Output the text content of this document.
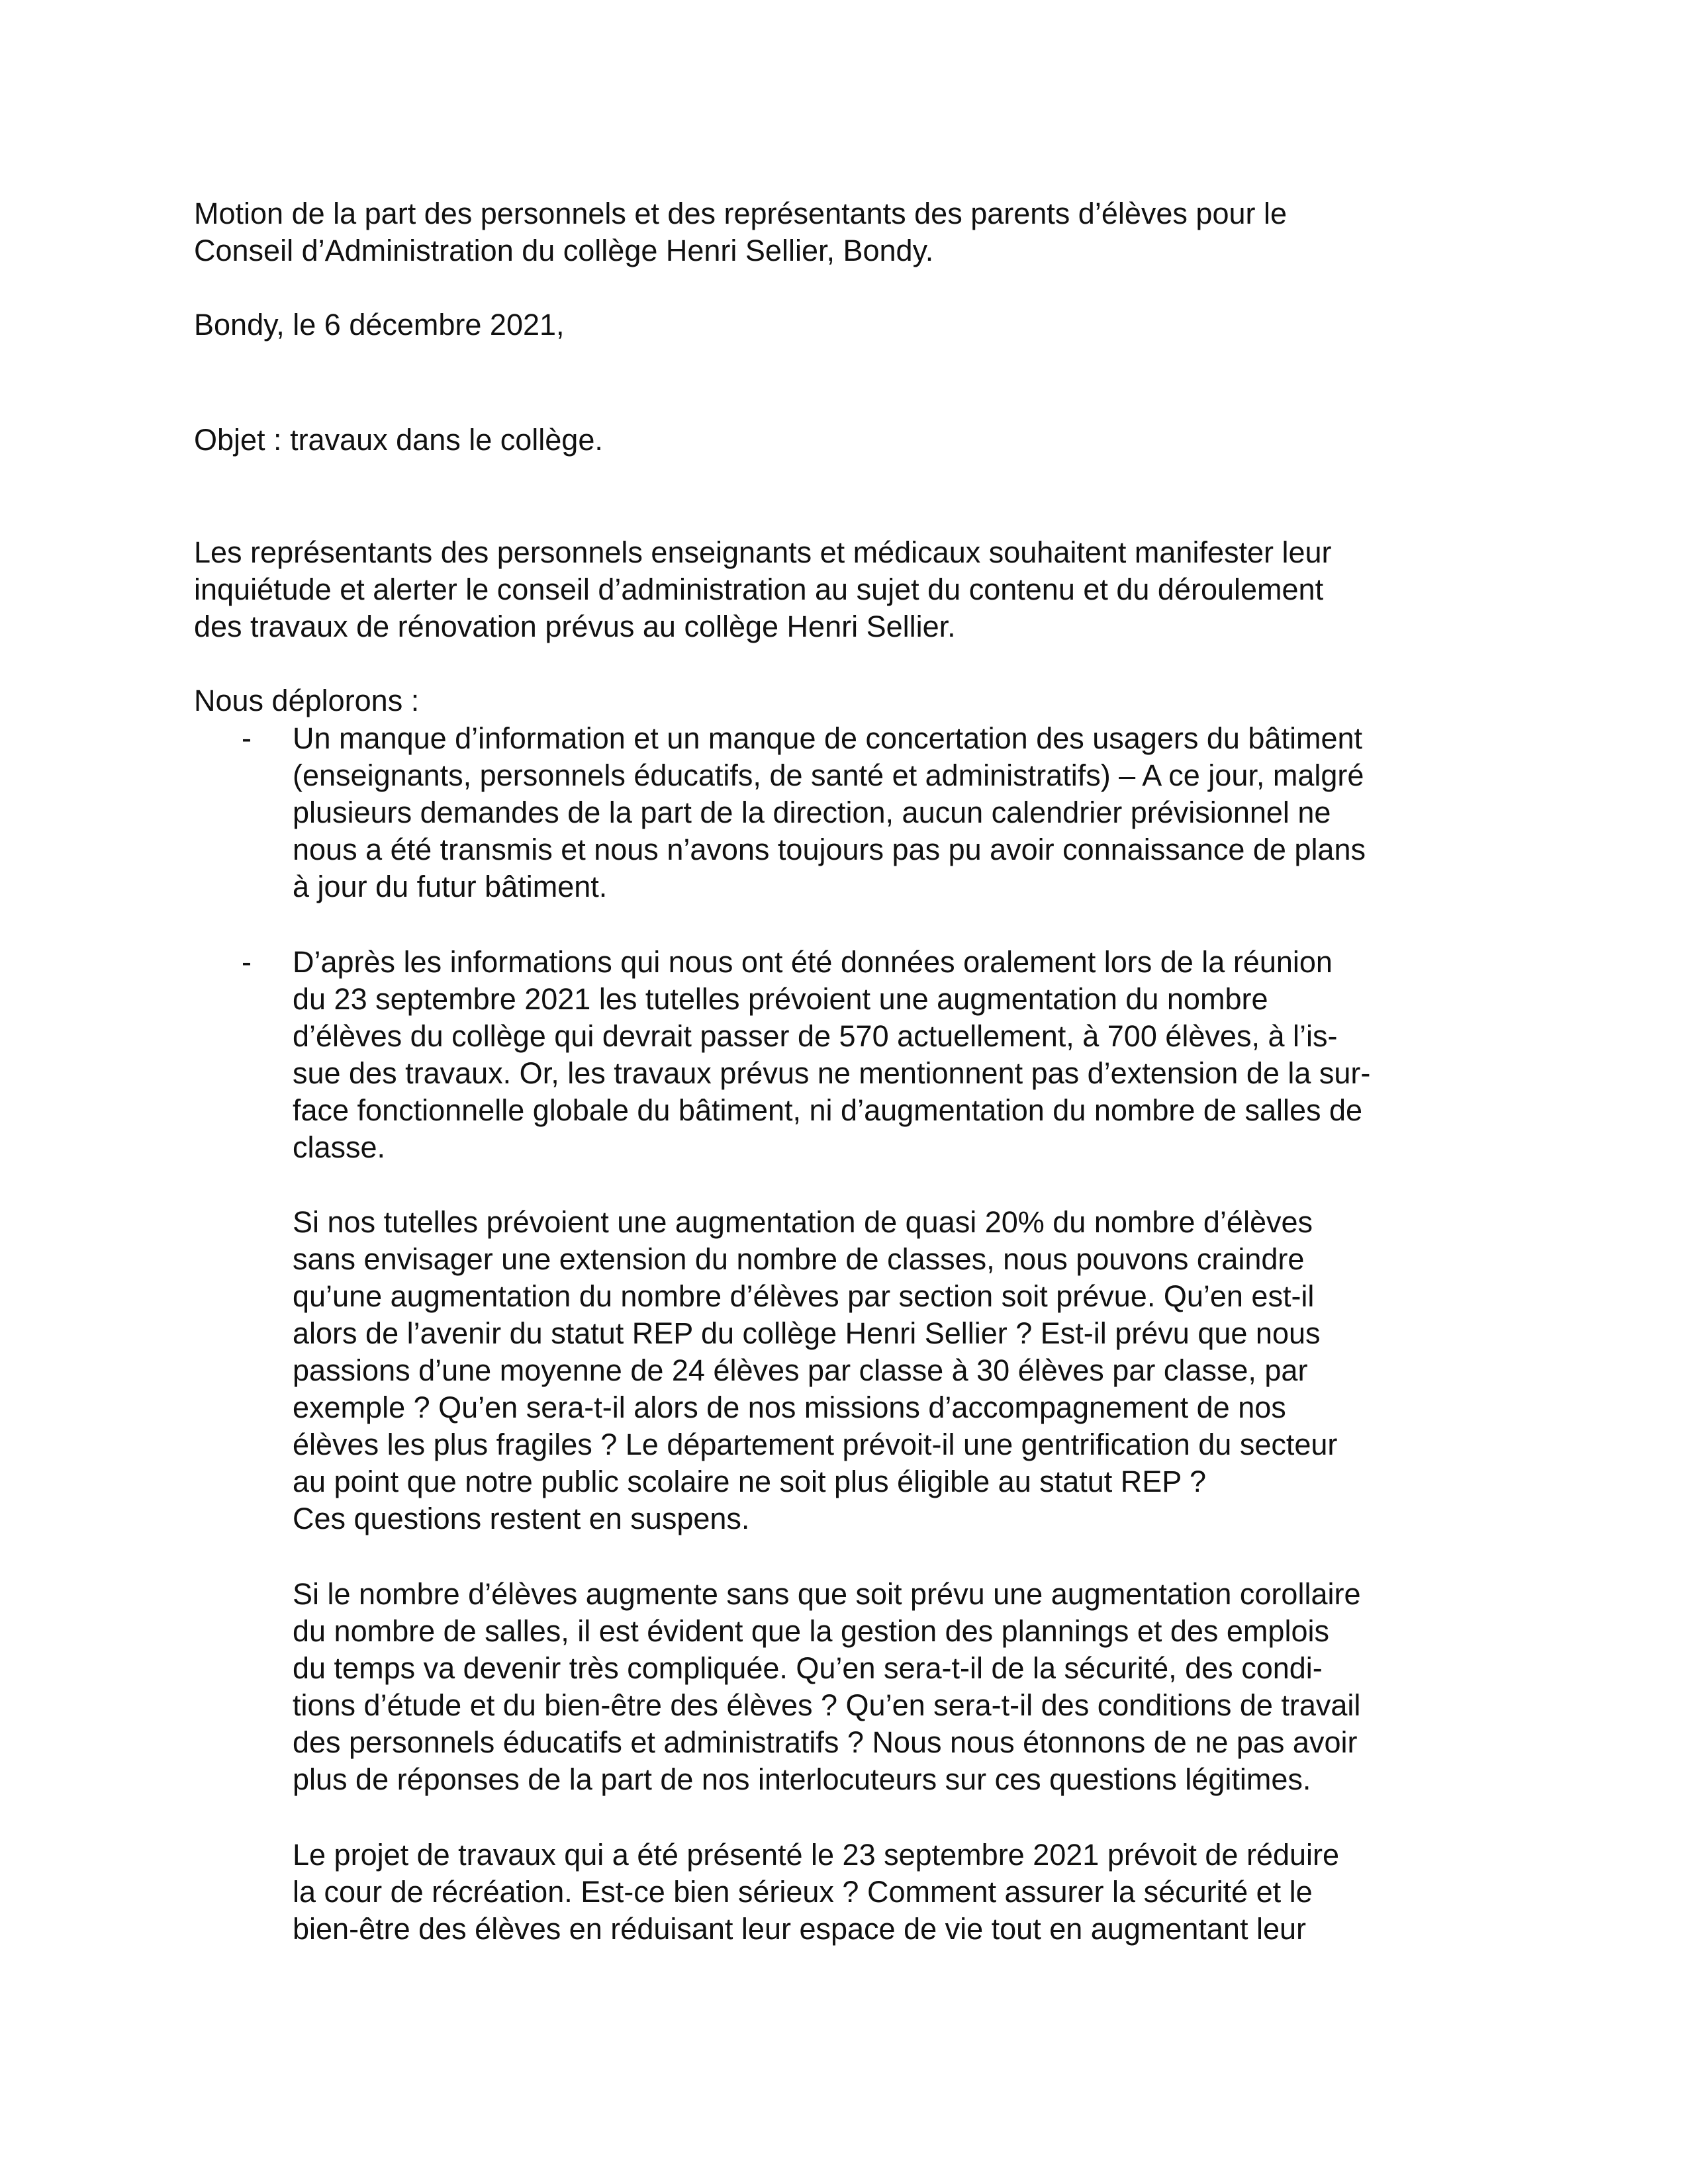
Motion de la part des personnels et des représentants des parents d’élèves pour le
Conseil d’Administration du collège Henri Sellier, Bondy.
Bondy, le 6 décembre 2021,
Objet : travaux dans le collège.
Les représentants des personnels enseignants et médicaux souhaitent manifester leur
inquiétude et alerter le conseil d’administration au sujet du contenu et du déroulement
des travaux de rénovation prévus au collège Henri Sellier.
Nous déplorons :
- Un manque d’information et un manque de concertation des usagers du bâtiment
(enseignants, personnels éducatifs, de santé et administratifs) – A ce jour, malgré
plusieurs demandes de la part de la direction, aucun calendrier prévisionnel ne
nous a été transmis et nous n’avons toujours pas pu avoir connaissance de plans
à jour du futur bâtiment.
- D’après les informations qui nous ont été données oralement lors de la réunion
du 23 septembre 2021 les tutelles prévoient une augmentation du nombre
d’élèves du collège qui devrait passer de 570 actuellement, à 700 élèves, à l’is-
sue des travaux. Or, les travaux prévus ne mentionnent pas d’extension de la sur-
face fonctionnelle globale du bâtiment, ni d’augmentation du nombre de salles de
classe.
Si nos tutelles prévoient une augmentation de quasi 20% du nombre d’élèves
sans envisager une extension du nombre de classes, nous pouvons craindre
qu’une augmentation du nombre d’élèves par section soit prévue. Qu’en est-il
alors de l’avenir du statut REP du collège Henri Sellier ? Est-il prévu que nous
passions d’une moyenne de 24 élèves par classe à 30 élèves par classe, par
exemple ? Qu’en sera-t-il alors de nos missions d’accompagnement de nos
élèves les plus fragiles ? Le département prévoit-il une gentrification du secteur
au point que notre public scolaire ne soit plus éligible au statut REP ?
Ces questions restent en suspens.
Si le nombre d’élèves augmente sans que soit prévu une augmentation corollaire
du nombre de salles, il est évident que la gestion des plannings et des emplois
du temps va devenir très compliquée. Qu’en sera-t-il de la sécurité, des condi-
tions d’étude et du bien-être des élèves ? Qu’en sera-t-il des conditions de travail
des personnels éducatifs et administratifs ? Nous nous étonnons de ne pas avoir
plus de réponses de la part de nos interlocuteurs sur ces questions légitimes.
Le projet de travaux qui a été présenté le 23 septembre 2021 prévoit de réduire
la cour de récréation. Est-ce bien sérieux ? Comment assurer la sécurité et le
bien-être des élèves en réduisant leur espace de vie tout en augmentant leur
